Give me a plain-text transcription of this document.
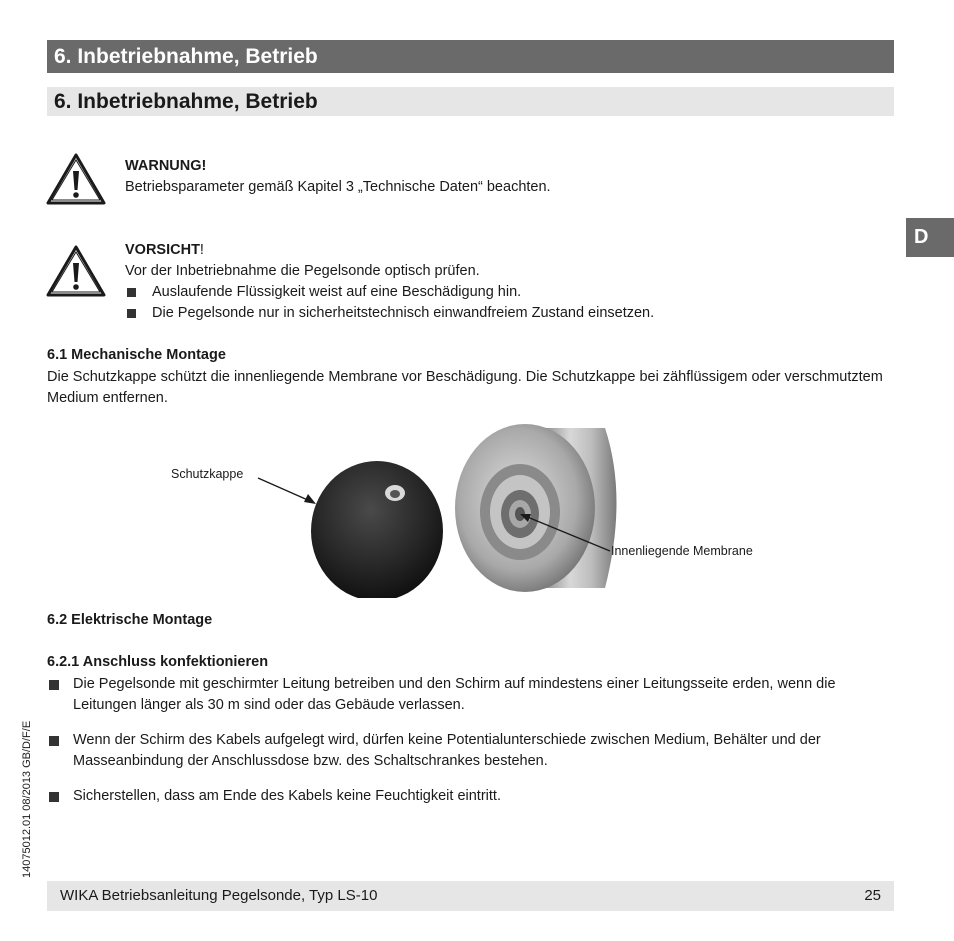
6. Inbetriebnahme, Betrieb
6. Inbetriebnahme, Betrieb
D
WARNUNG!
Betriebsparameter gemäß Kapitel 3 „Technische Daten“ beachten.
VORSICHT!
Vor der Inbetriebnahme die Pegelsonde optisch prüfen.
Auslaufende Flüssigkeit weist auf eine Beschädigung hin.
Die Pegelsonde nur in sicherheitstechnisch einwandfreiem Zustand einsetzen.
6.1 Mechanische Montage
Die Schutzkappe schützt die innenliegende Membrane vor Beschädigung. Die Schutzkappe bei zähflüssigem oder verschmutztem Medium entfernen.
Schutzkappe
Innenliegende Membrane
6.2 Elektrische Montage
6.2.1 Anschluss konfektionieren
Die Pegelsonde mit geschirmter Leitung betreiben und den Schirm auf mindestens einer Leitungsseite erden, wenn die Leitungen länger als 30 m sind oder das Gebäude verlassen.
Wenn der Schirm des Kabels aufgelegt wird, dürfen keine Potentialunterschiede zwischen Medium, Behälter und der Masseanbindung der Anschlussdose bzw. des Schaltschrankes bestehen.
Sicherstellen, dass am Ende des Kabels keine Feuchtigkeit eintritt.
14075012.01 08/2013 GB/D/F/E
WIKA Betriebsanleitung Pegelsonde, Typ LS-10	25
